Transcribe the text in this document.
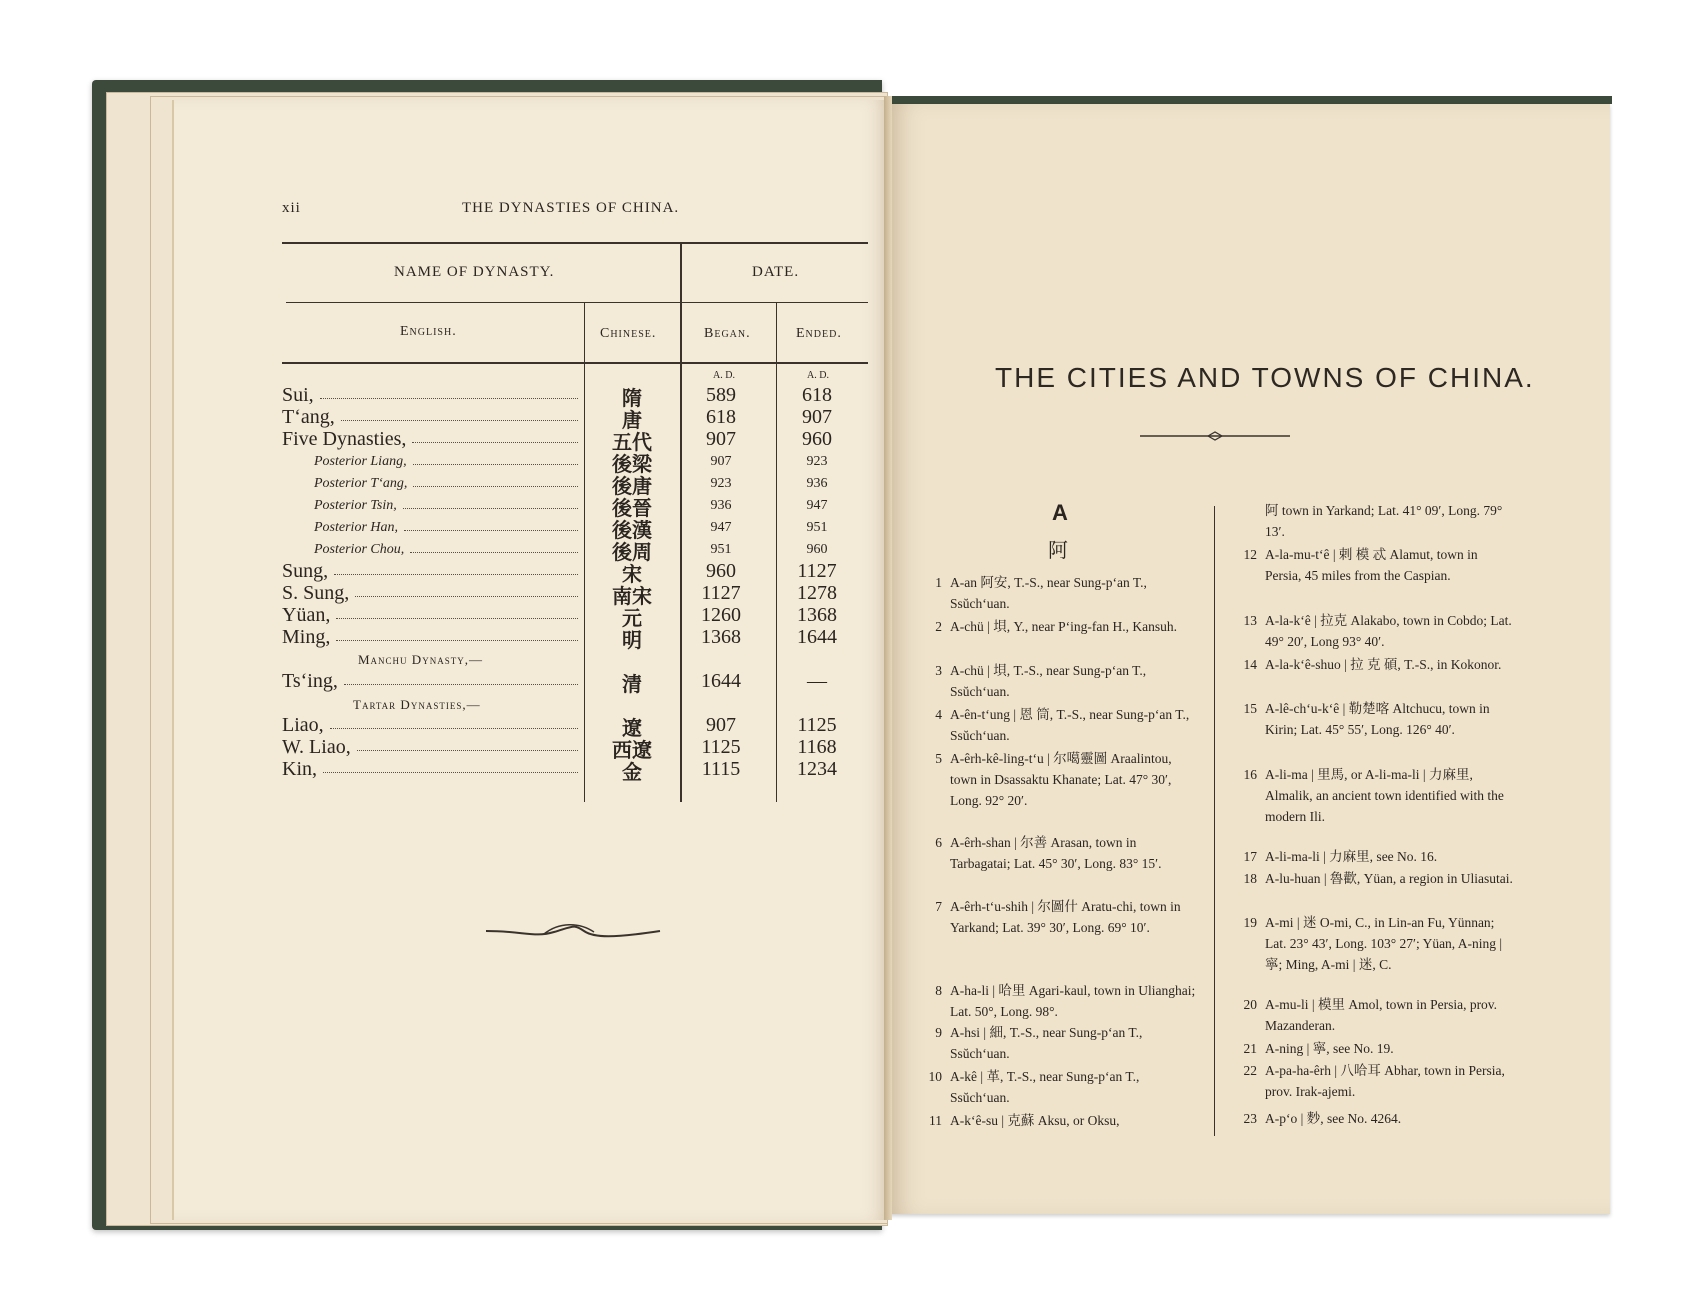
xii	THE DYNASTIES OF CHINA.
NAME OF DYNASTY.	DATE.
English.	Chinese.	Began.	Ended.
A. D.	A. D.
Sui,	隋	589	618
T‘ang,	唐	618	907
Five Dynasties,	五代	907	960
Posterior Liang,	後梁	907	923
Posterior T‘ang,	後唐	923	936
Posterior Tsin,	後晉	936	947
Posterior Han,	後漢	947	951
Posterior Chou,	後周	951	960
Sung,	宋	960	1127
S. Sung,	南宋	1127	1278
Yüan,	元	1260	1368
Ming,	明	1368	1644
Ts‘ing,	清	1644	—
Liao,	遼	907	1125
W. Liao,	西遼	1125	1168
Kin,	金	1115	1234
Manchu Dynasty,—
Tartar Dynasties,—
THE CITIES AND TOWNS OF CHINA.
A
阿
1 A-an 阿安, T.-S., near Sung-p‘an T., Ssŭch‘uan.
2 A-chü | 垻, Y., near P‘ing-fan H., Kansuh.
3 A-chü | 垻, T.-S., near Sung-p‘an T., Ssŭch‘uan.
4 A-ên-t‘ung | 恩 筒, T.-S., near Sung-p‘an T., Ssŭch‘uan.
5 A-êrh-kê-ling-t‘u | 尔噶靈圖 Araalintou, town in Dsassaktu Khanate; Lat. 47° 30′, Long. 92° 20′.
6 A-êrh-shan | 尔善 Arasan, town in Tarbagatai; Lat. 45° 30′, Long. 83° 15′.
7 A-êrh-t‘u-shih | 尔圖什 Aratu-chi, town in Yarkand; Lat. 39° 30′, Long. 69° 10′.
8 A-ha-li | 哈里 Agari-kaul, town in Ulianghai; Lat. 50°, Long. 98°.
9 A-hsi | 細, T.-S., near Sung-p‘an T., Ssŭch‘uan.
10 A-kê | 革, T.-S., near Sung-p‘an T., Ssŭch‘uan.
11 A-k‘ê-su | 克蘇 Aksu, or Oksu,
阿 town in Yarkand; Lat. 41° 09′, Long. 79° 13′.
12 A-la-mu-t‘ê | 剌 模 忒 Alamut, town in Persia, 45 miles from the Caspian.
13 A-la-k‘ê | 拉克 Alakabo, town in Cobdo; Lat. 49° 20′, Long 93° 40′.
14 A-la-k‘ê-shuo | 拉 克 碩, T.-S., in Kokonor.
15 A-lê-ch‘u-k‘ê | 勒楚喀 Altchucu, town in Kirin; Lat. 45° 55′, Long. 126° 40′.
16 A-li-ma | 里馬, or A-li-ma-li | 力麻里, Almalik, an ancient town identified with the modern Ili.
17 A-li-ma-li | 力麻里, see No. 16.
18 A-lu-huan | 魯歡, Yüan, a region in Uliasutai.
19 A-mi | 迷 O-mi, C., in Lin-an Fu, Yünnan; Lat. 23° 43′, Long. 103° 27′; Yüan, A-ning | 寧; Ming, A-mi | 迷, C.
20 A-mu-li | 模里 Amol, town in Persia, prov. Mazanderan.
21 A-ning | 寧, see No. 19.
22 A-pa-ha-êrh | 八哈耳 Abhar, town in Persia, prov. Irak-ajemi.
23 A-p‘o | 麨, see No. 4264.
